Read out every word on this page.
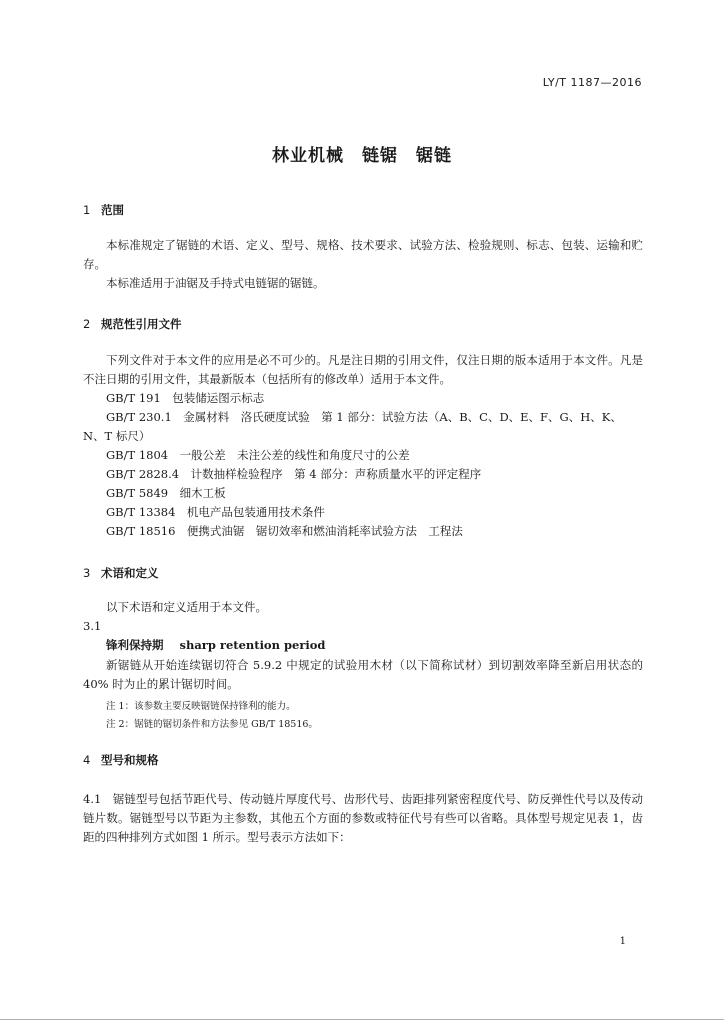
LY/T 1187—2016
林业机械　链锯　锯链
1 范围
本标准规定了锯链的术语、定义、型号、规格、技术要求、试验方法、检验规则、标志、包装、运输和贮存。
本标准适用于油锯及手持式电链锯的锯链。
2 规范性引用文件
下列文件对于本文件的应用是必不可少的。凡是注日期的引用文件，仅注日期的版本适用于本文件。凡是不注日期的引用文件，其最新版本（包括所有的修改单）适用于本文件。
GB/T 191　包装储运图示标志
GB/T 230.1　金属材料　洛氏硬度试验　第 1 部分：试验方法（A、B、C、D、E、F、G、H、K、N、T 标尺）
GB/T 1804　一般公差　未注公差的线性和角度尺寸的公差
GB/T 2828.4　计数抽样检验程序　第 4 部分：声称质量水平的评定程序
GB/T 5849　细木工板
GB/T 13384　机电产品包装通用技术条件
GB/T 18516　便携式油锯　锯切效率和燃油消耗率试验方法　工程法
3 术语和定义
以下术语和定义适用于本文件。
3.1
锋利保持期 sharp retention period
新锯链从开始连续锯切符合 5.9.2 中规定的试验用木材（以下简称试材）到切割效率降至新启用状态的 40% 时为止的累计锯切时间。
注 1：该参数主要反映锯链保持锋利的能力。
注 2：锯链的锯切条件和方法参见 GB/T 18516。
4 型号和规格
4.1　 锯链型号包括节距代号、传动链片厚度代号、齿形代号、齿距排列紧密程度代号、防反弹性代号以及传动链片数。锯链型号以节距为主参数，其他五个方面的参数或特征代号有些可以省略。具体型号规定见表 1，齿距的四种排列方式如图 1 所示。型号表示方法如下：
1
